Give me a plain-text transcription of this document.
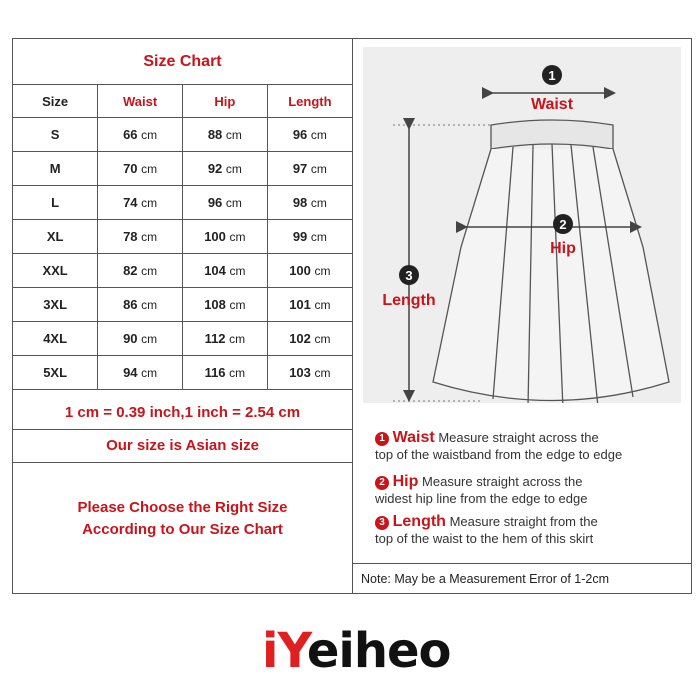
Size Chart			
Size	Waist	Hip	Length
S	66 cm	88 cm	96 cm
M	70 cm	92 cm	97 cm
L	74 cm	96 cm	98 cm
XL	78 cm	100 cm	99 cm
XXL	82 cm	104 cm	100 cm
3XL	86 cm	108 cm	101 cm
4XL	90 cm	112 cm	102 cm
5XL	94 cm	116 cm	103 cm
1 cm = 0.39 inch,1 inch = 2.54 cm
Our size is Asian size
Please Choose the Right Size
According to Our Size Chart
1
Waist
2
Hip
3
Length
1 Waist Measure straight across the
top of the waistband from the edge to edge
2 Hip Measure straight across the
widest hip line from the edge to edge
3 Length Measure straight from the
top of the waist to the hem of this skirt
Note: May be a Measurement Error of 1-2cm
iYeiheo
